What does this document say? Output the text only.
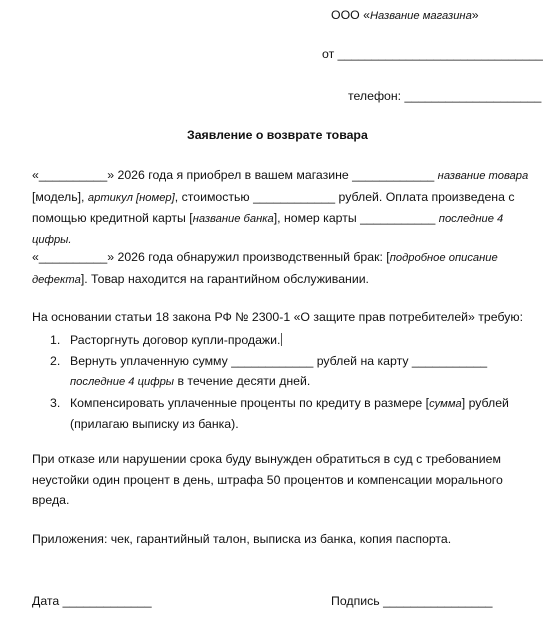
ООО «Название магазина»
от ______________________________
телефон: ____________________
Заявление о возврате товара
«__________» 2026 года я приобрел в вашем магазине ____________ название товара
[модель], артикул [номер], стоимостью ____________ рублей. Оплата произведена с
помощью кредитной карты [название банка], номер карты ___________ последние 4
цифры.
«__________» 2026 года обнаружил производственный брак: [подробное описание
дефекта]. Товар находится на гарантийном обслуживании.
На основании статьи 18 закона РФ № 2300-1 «О защите прав потребителей» требую:
1. Расторгнуть договор купли-продажи.
2. Вернуть уплаченную сумму ____________ рублей на карту ___________
последние 4 цифры в течение десяти дней.
3. Компенсировать уплаченные проценты по кредиту в размере [сумма] рублей
(прилагаю выписку из банка).
При отказе или нарушении срока буду вынужден обратиться в суд с требованием
неустойки один процент в день, штрафа 50 процентов и компенсации морального
вреда.
Приложения: чек, гарантийный талон, выписка из банка, копия паспорта.
Дата _____________	Подпись ________________
